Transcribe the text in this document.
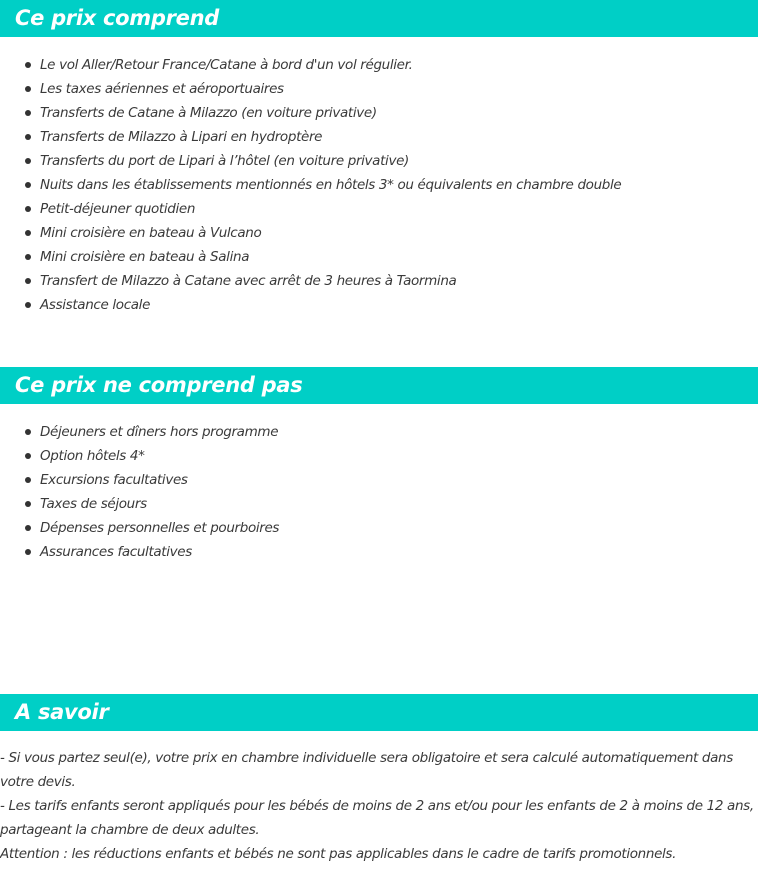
Ce prix comprend
Le vol Aller/Retour France/Catane à bord d'un vol régulier.
Les taxes aériennes et aéroportuaires
Transferts de Catane à Milazzo (en voiture privative)
Transferts de Milazzo à Lipari en hydroptère
Transferts du port de Lipari à l’hôtel (en voiture privative)
Nuits dans les établissements mentionnés en hôtels 3* ou équivalents en chambre double
Petit-déjeuner quotidien
Mini croisière en bateau à Vulcano
Mini croisière en bateau à Salina
Transfert de Milazzo à Catane avec arrêt de 3 heures à Taormina
Assistance locale
Ce prix ne comprend pas
Déjeuners et dîners hors programme
Option hôtels 4*
Excursions facultatives
Taxes de séjours
Dépenses personnelles et pourboires
Assurances facultatives
A savoir

- Si vous partez seul(e), votre prix en chambre individuelle sera obligatoire et sera calculé automatiquement dans votre devis.

- Les tarifs enfants seront appliqués pour les bébés de moins de 2 ans et/ou pour les enfants de 2 à moins de 12 ans, partageant la chambre de deux adultes.

Attention : les réductions enfants et bébés ne sont pas applicables dans le cadre de tarifs promotionnels.
